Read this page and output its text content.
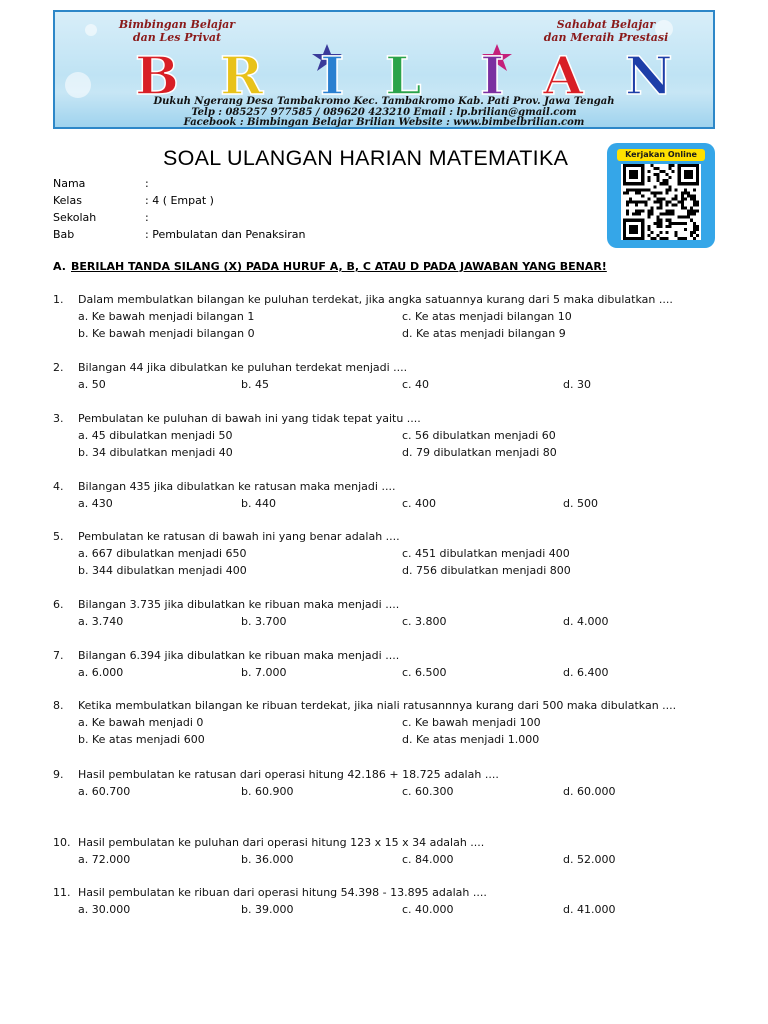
Bimbingan Belajar
dan Les Privat
Sahabat Belajar
dan Meraih Prestasi
B R I L I A N
Dukuh Ngerang Desa Tambakromo Kec. Tambakromo Kab. Pati Prov. Jawa Tengah
Telp : 085257 977585 / 089620 423210 Email : lp.brilian@gmail.com
Facebook : Bimbingan Belajar Brilian Website : www.bimbelbrilian.com
SOAL ULANGAN HARIAN MATEMATIKA	Kerjakan Online
Nama	:
Kelas	: 4 ( Empat )
Sekolah	:
Bab	: Pembulatan dan Penaksiran
A. BERILAH TANDA SILANG (X) PADA HURUF A, B, C ATAU D PADA JAWABAN YANG BENAR!
1. Dalam membulatkan bilangan ke puluhan terdekat, jika angka satuannya kurang dari 5 maka dibulatkan ....
a. Ke bawah menjadi bilangan 1
b. Ke bawah menjadi bilangan 0
c. Ke atas menjadi bilangan 10
d. Ke atas menjadi bilangan 9
2. Bilangan 44 jika dibulatkan ke puluhan terdekat menjadi ....
a. 50	b. 45	c. 40	d. 30
3. Pembulatan ke puluhan di bawah ini yang tidak tepat yaitu ....
a. 45 dibulatkan menjadi 50
b. 34 dibulatkan menjadi 40
c. 56 dibulatkan menjadi 60
d. 79 dibulatkan menjadi 80
4. Bilangan 435 jika dibulatkan ke ratusan maka menjadi ....
a. 430	b. 440	c. 400	d. 500
5. Pembulatan ke ratusan di bawah ini yang benar adalah ....
a. 667 dibulatkan menjadi 650
b. 344 dibulatkan menjadi 400
c. 451 dibulatkan menjadi 400
d. 756 dibulatkan menjadi 800
6. Bilangan 3.735 jika dibulatkan ke ribuan maka menjadi ....
a. 3.740	b. 3.700	c. 3.800	d. 4.000
7. Bilangan 6.394 jika dibulatkan ke ribuan maka menjadi ....
a. 6.000	b. 7.000	c. 6.500	d. 6.400
8. Ketika membulatkan bilangan ke ribuan terdekat, jika niali ratusannnya kurang dari 500 maka dibulatkan ....
a. Ke bawah menjadi 0
b. Ke atas menjadi 600
c. Ke bawah menjadi 100
d. Ke atas menjadi 1.000
9. Hasil pembulatan ke ratusan dari operasi hitung 42.186 + 18.725 adalah ....
a. 60.700	b. 60.900	c. 60.300	d. 60.000
10. Hasil pembulatan ke puluhan dari operasi hitung 123 x 15 x 34 adalah ....
a. 72.000	b. 36.000	c. 84.000	d. 52.000
11. Hasil pembulatan ke ribuan dari operasi hitung 54.398 - 13.895 adalah ....
a. 30.000	b. 39.000	c. 40.000	d. 41.000
